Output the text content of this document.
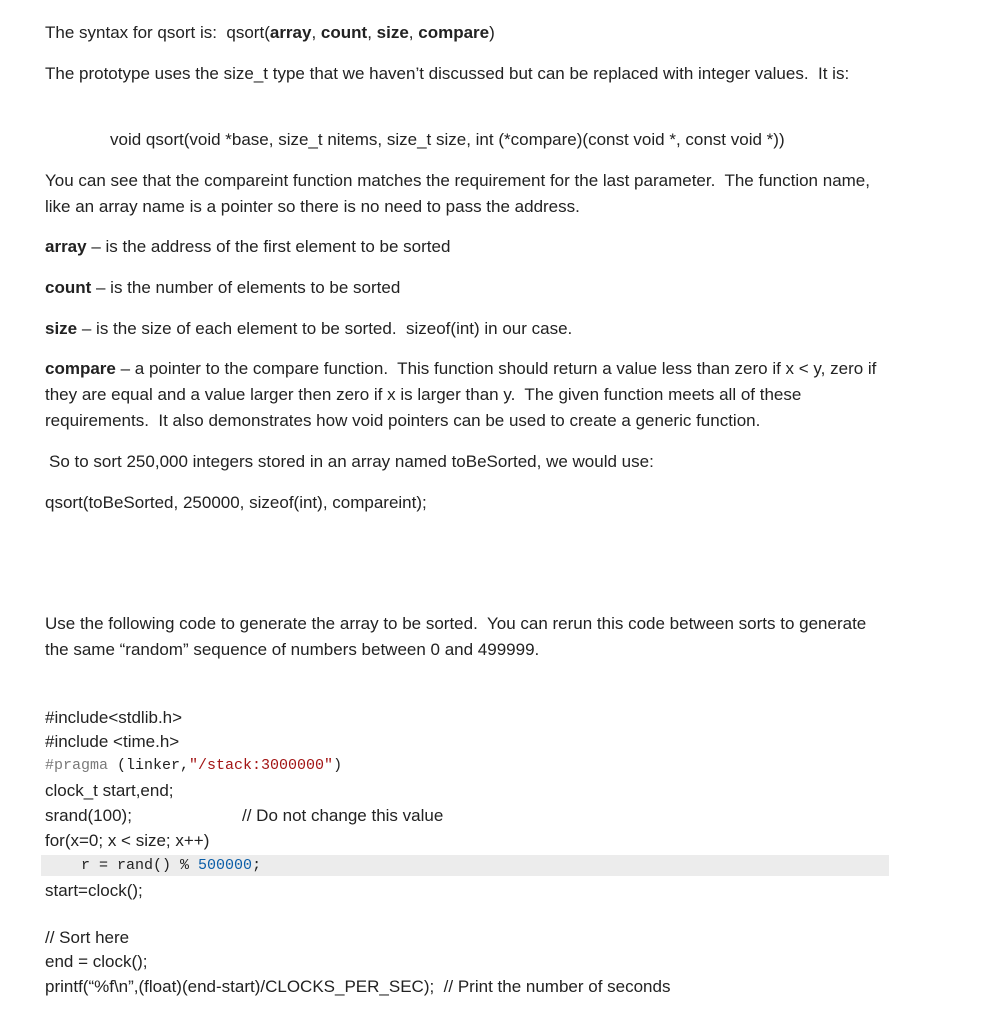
The syntax for qsort is:  qsort(array, count, size, compare)

The prototype uses the size_t type that we haven’t discussed but can be replaced with integer values.  It is:

void qsort(void *base, size_t nitems, size_t size, int (*compare)(const void *, const void *))

You can see that the compareint function matches the requirement for the last parameter.  The function name, like an array name is a pointer so there is no need to pass the address.

array – is the address of the first element to be sorted

count – is the number of elements to be sorted

size – is the size of each element to be sorted.  sizeof(int) in our case.

compare – a pointer to the compare function.  This function should return a value less than zero if x < y, zero if they are equal and a value larger then zero if x is larger than y.  The given function meets all of these requirements.  It also demonstrates how void pointers can be used to create a generic function.

So to sort 250,000 integers stored in an array named toBeSorted, we would use:

qsort(toBeSorted, 250000, sizeof(int), compareint);

Use the following code to generate the array to be sorted.  You can rerun this code between sorts to generate the same “random” sequence of numbers between 0 and 499999.

#include<stdlib.h>

#include <time.h>

#pragma (linker,"/stack:3000000")

clock_t start,end;

srand(100);	// Do not change this value

for(x=0; x < size; x++)

r = rand() % 500000;

start=clock();

// Sort here

end = clock();

printf(“%f\n”,(float)(end-start)/CLOCKS_PER_SEC); // Print the number of seconds
